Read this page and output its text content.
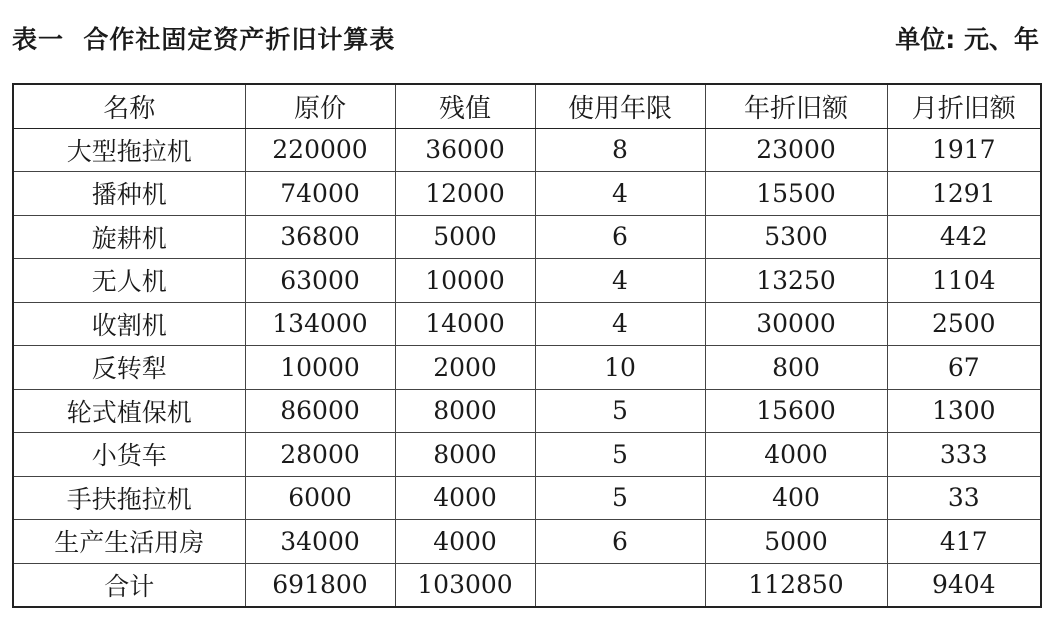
表一  合作社固定资产折旧计算表	单位: 元、年
名称	原价	残值	使用年限	年折旧额	月折旧额
大型拖拉机	220000	36000	8	23000	1917
播种机	74000	12000	4	15500	1291
旋耕机	36800	5000	6	5300	442
无人机	63000	10000	4	13250	1104
收割机	134000	14000	4	30000	2500
反转犁	10000	2000	10	800	67
轮式植保机	86000	8000	5	15600	1300
小货车	28000	8000	5	4000	333
手扶拖拉机	6000	4000	5	400	33
生产生活用房	34000	4000	6	5000	417
合计	691800	103000		112850	9404
